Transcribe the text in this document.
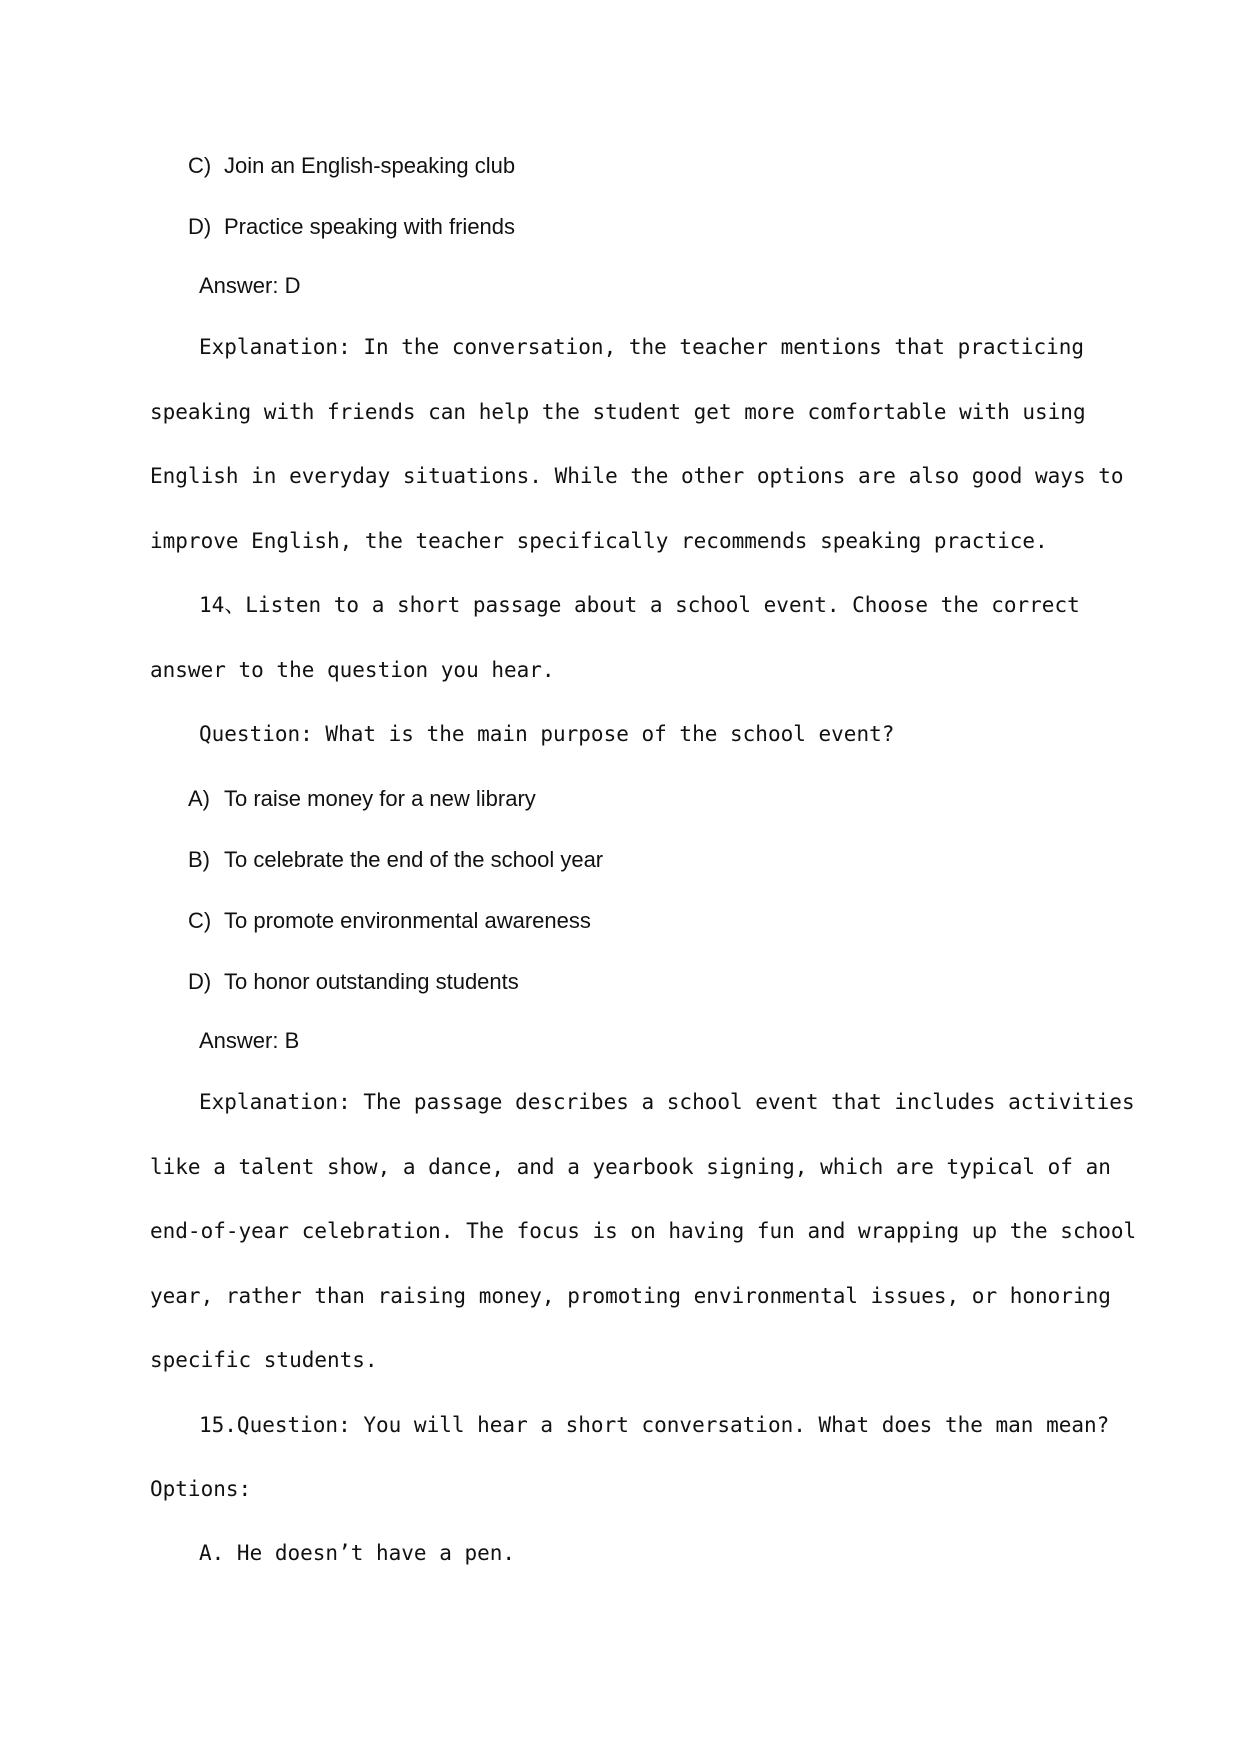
C) Join an English-speaking club
D) Practice speaking with friends
Answer: D
Explanation: In the conversation, the teacher mentions that practicing
speaking with friends can help the student get more comfortable with using
English in everyday situations. While the other options are also good ways to
improve English, the teacher specifically recommends speaking practice.
14、Listen to a short passage about a school event. Choose the correct
answer to the question you hear.
Question: What is the main purpose of the school event?
A) To raise money for a new library
B) To celebrate the end of the school year
C) To promote environmental awareness
D) To honor outstanding students
Answer: B
Explanation: The passage describes a school event that includes activities
like a talent show, a dance, and a yearbook signing, which are typical of an
end-of-year celebration. The focus is on having fun and wrapping up the school
year, rather than raising money, promoting environmental issues, or honoring
specific students.
15.Question: You will hear a short conversation. What does the man mean?
Options:
A. He doesn’t have a pen.
